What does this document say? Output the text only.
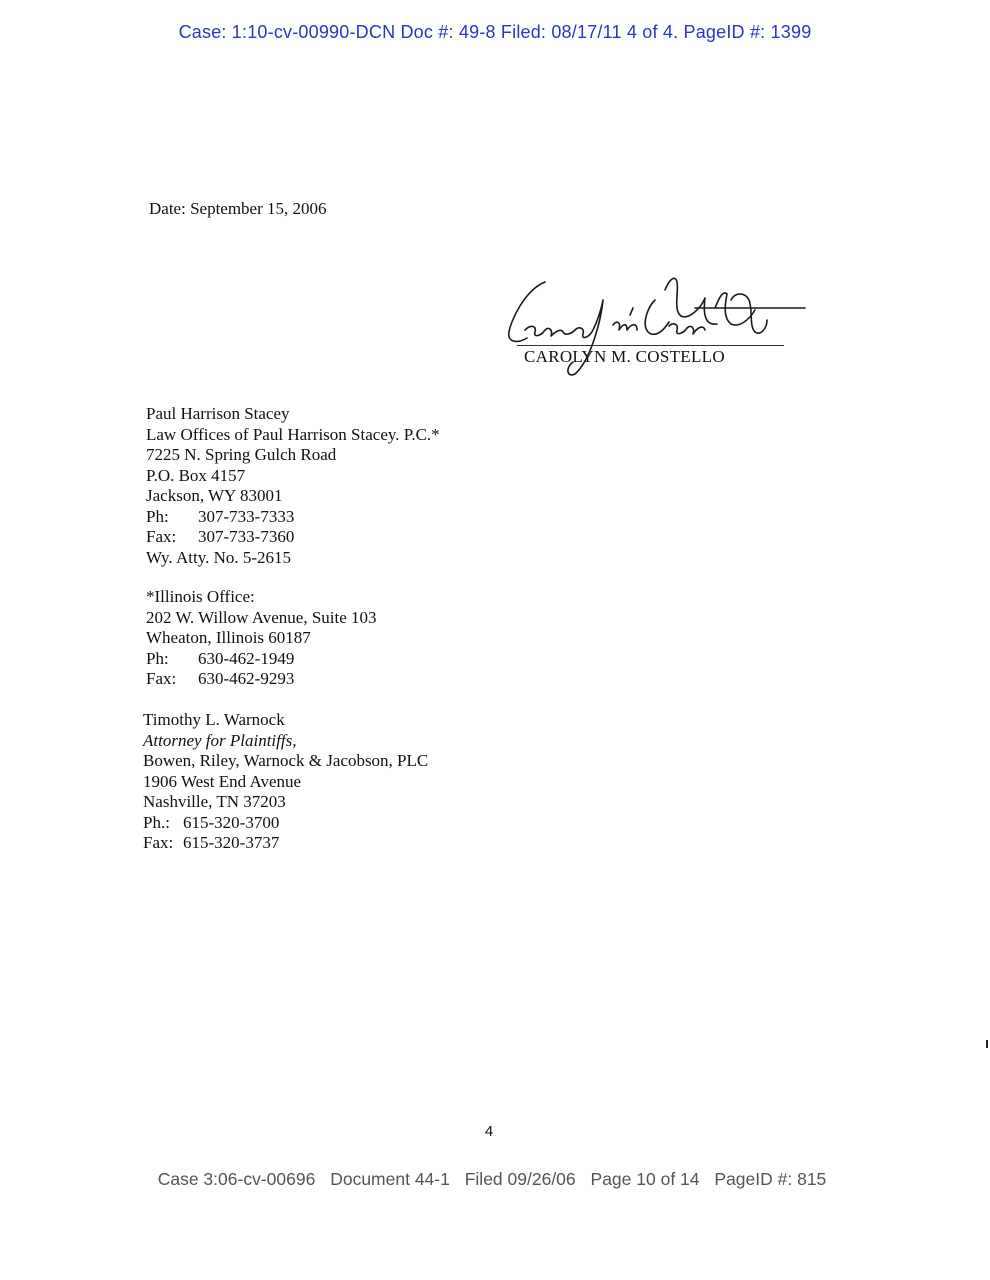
Case: 1:10-cv-00990-DCN Doc #: 49-8 Filed: 08/17/11 4 of 4. PageID #: 1399
Date: September 15, 2006
CAROLYN M. COSTELLO
Paul Harrison Stacey
Law Offices of Paul Harrison Stacey. P.C.*
7225 N. Spring Gulch Road
P.O. Box 4157
Jackson, WY 83001
Ph: 307-733-7333
Fax: 307-733-7360
Wy. Atty. No. 5-2615
*Illinois Office:
202 W. Willow Avenue, Suite 103
Wheaton, Illinois 60187
Ph: 630-462-1949
Fax: 630-462-9293
Timothy L. Warnock
Attorney for Plaintiffs,
Bowen, Riley, Warnock & Jacobson, PLC
1906 West End Avenue
Nashville, TN 37203
Ph.: 615-320-3700
Fax: 615-320-3737
4
Case 3:06-cv-00696 Document 44-1 Filed 09/26/06 Page 10 of 14 PageID #: 815
